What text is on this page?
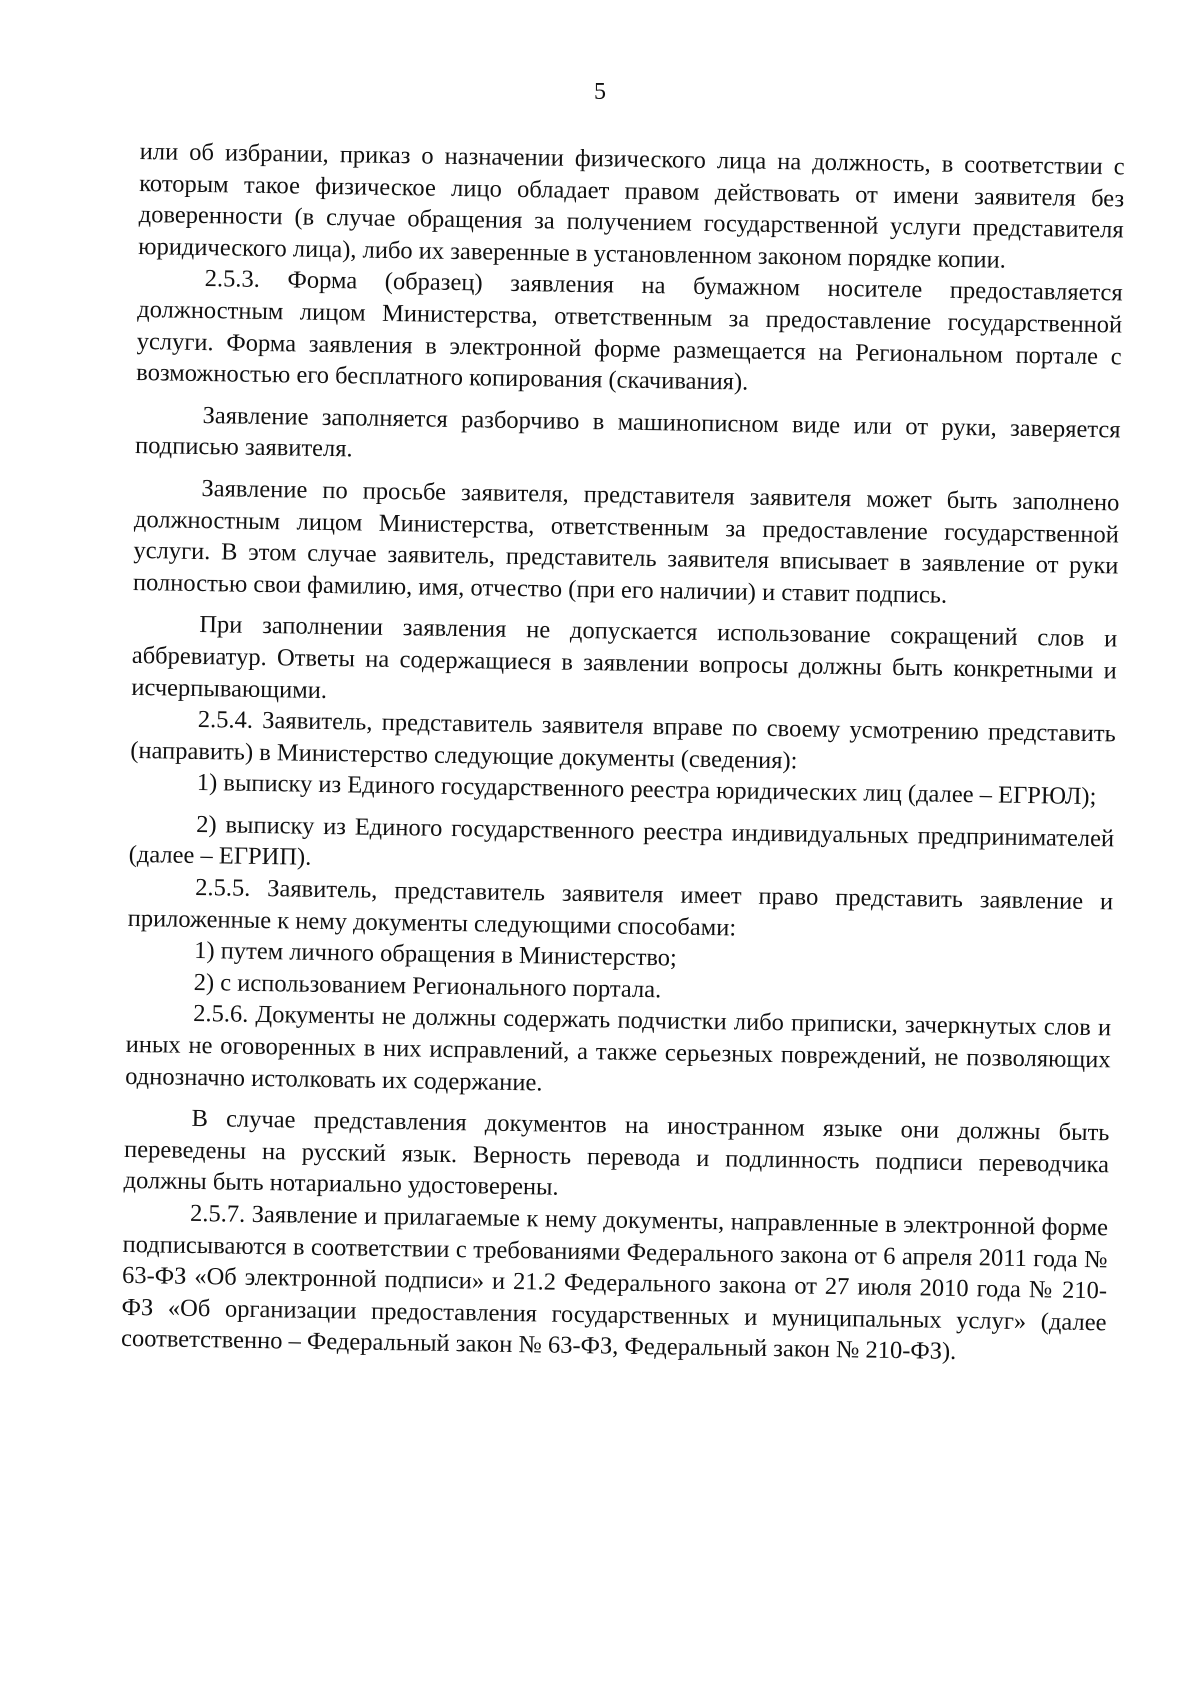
5

или об избрании, приказ о назначении физического лица на должность, в соответствии с которым такое физическое лицо обладает правом действовать от имени заявителя без доверенности (в случае обращения за получением государственной услуги представителя юридического лица), либо их заверенные в установленном законом порядке копии.

2.5.3. Форма (образец) заявления на бумажном носителе предоставляется должностным лицом Министерства, ответственным за предоставление государственной услуги. Форма заявления в электронной форме размещается на Региональном портале с возможностью его бесплатного копирования (скачивания).

Заявление заполняется разборчиво в машинописном виде или от руки, заверяется подписью заявителя.

Заявление по просьбе заявителя, представителя заявителя может быть заполнено должностным лицом Министерства, ответственным за предоставление государственной услуги. В этом случае заявитель, представитель заявителя вписывает в заявление от руки полностью свои фамилию, имя, отчество (при его наличии) и ставит подпись.

При заполнении заявления не допускается использование сокращений слов и аббревиатур. Ответы на содержащиеся в заявлении вопросы должны быть конкретными и исчерпывающими.

2.5.4. Заявитель, представитель заявителя вправе по своему усмотрению представить (направить) в Министерство следующие документы (сведения):

1) выписку из Единого государственного реестра юридических лиц (далее – ЕГРЮЛ);

2) выписку из Единого государственного реестра индивидуальных предпринимателей (далее – ЕГРИП).

2.5.5. Заявитель, представитель заявителя имеет право представить заявление и приложенные к нему документы следующими способами:

1) путем личного обращения в Министерство;

2) с использованием Регионального портала.

2.5.6. Документы не должны содержать подчистки либо приписки, зачеркнутых слов и иных не оговоренных в них исправлений, а также серьезных повреждений, не позволяющих однозначно истолковать их содержание.

В случае представления документов на иностранном языке они должны быть переведены на русский язык. Верность перевода и подлинность подписи переводчика должны быть нотариально удостоверены.

2.5.7. Заявление и прилагаемые к нему документы, направленные в электронной форме подписываются в соответствии с требованиями Федерального закона от 6 апреля 2011 года № 63-ФЗ «Об электронной подписи» и 21.2 Федерального закона от 27 июля 2010 года № 210-ФЗ «Об организации предоставления государственных и муниципальных услуг» (далее соответственно – Федеральный закон № 63-ФЗ, Федеральный закон № 210-ФЗ).
